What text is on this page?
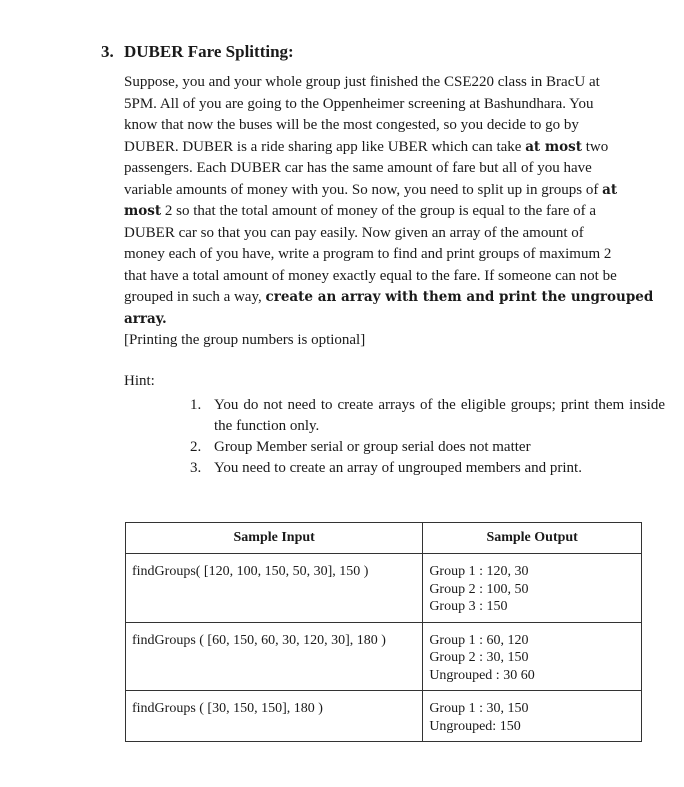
3. DUBER Fare Splitting:
Suppose, you and your whole group just finished the CSE220 class in BracU at
5PM. All of you are going to the Oppenheimer screening at Bashundhara. You
know that now the buses will be the most congested, so you decide to go by
DUBER. DUBER is a ride sharing app like UBER which can take at most two
passengers. Each DUBER car has the same amount of fare but all of you have
variable amounts of money with you. So now, you need to split up in groups of at
most 2 so that the total amount of money of the group is equal to the fare of a
DUBER car so that you can pay easily. Now given an array of the amount of
money each of you have, write a program to find and print groups of maximum 2
that have a total amount of money exactly equal to the fare. If someone can not be
grouped in such a way, create an array with them and print the ungrouped
array.
[Printing the group numbers is optional]
Hint:
1. You do not need to create arrays of the eligible groups; print them inside the function only.
2. Group Member serial or group serial does not matter
3. You need to create an array of ungrouped members and print.
Sample Input	Sample Output
findGroups( [120, 100, 150, 50, 30], 150 )	Group 1 : 120, 30
Group 2 : 100, 50
Group 3 : 150

findGroups ( [60, 150, 60, 30, 120, 30], 180 )	Group 1 : 60, 120
Group 2 : 30, 150
Ungrouped : 30 60

findGroups ( [30, 150, 150], 180 )	Group 1 : 30, 150
Ungrouped: 150
